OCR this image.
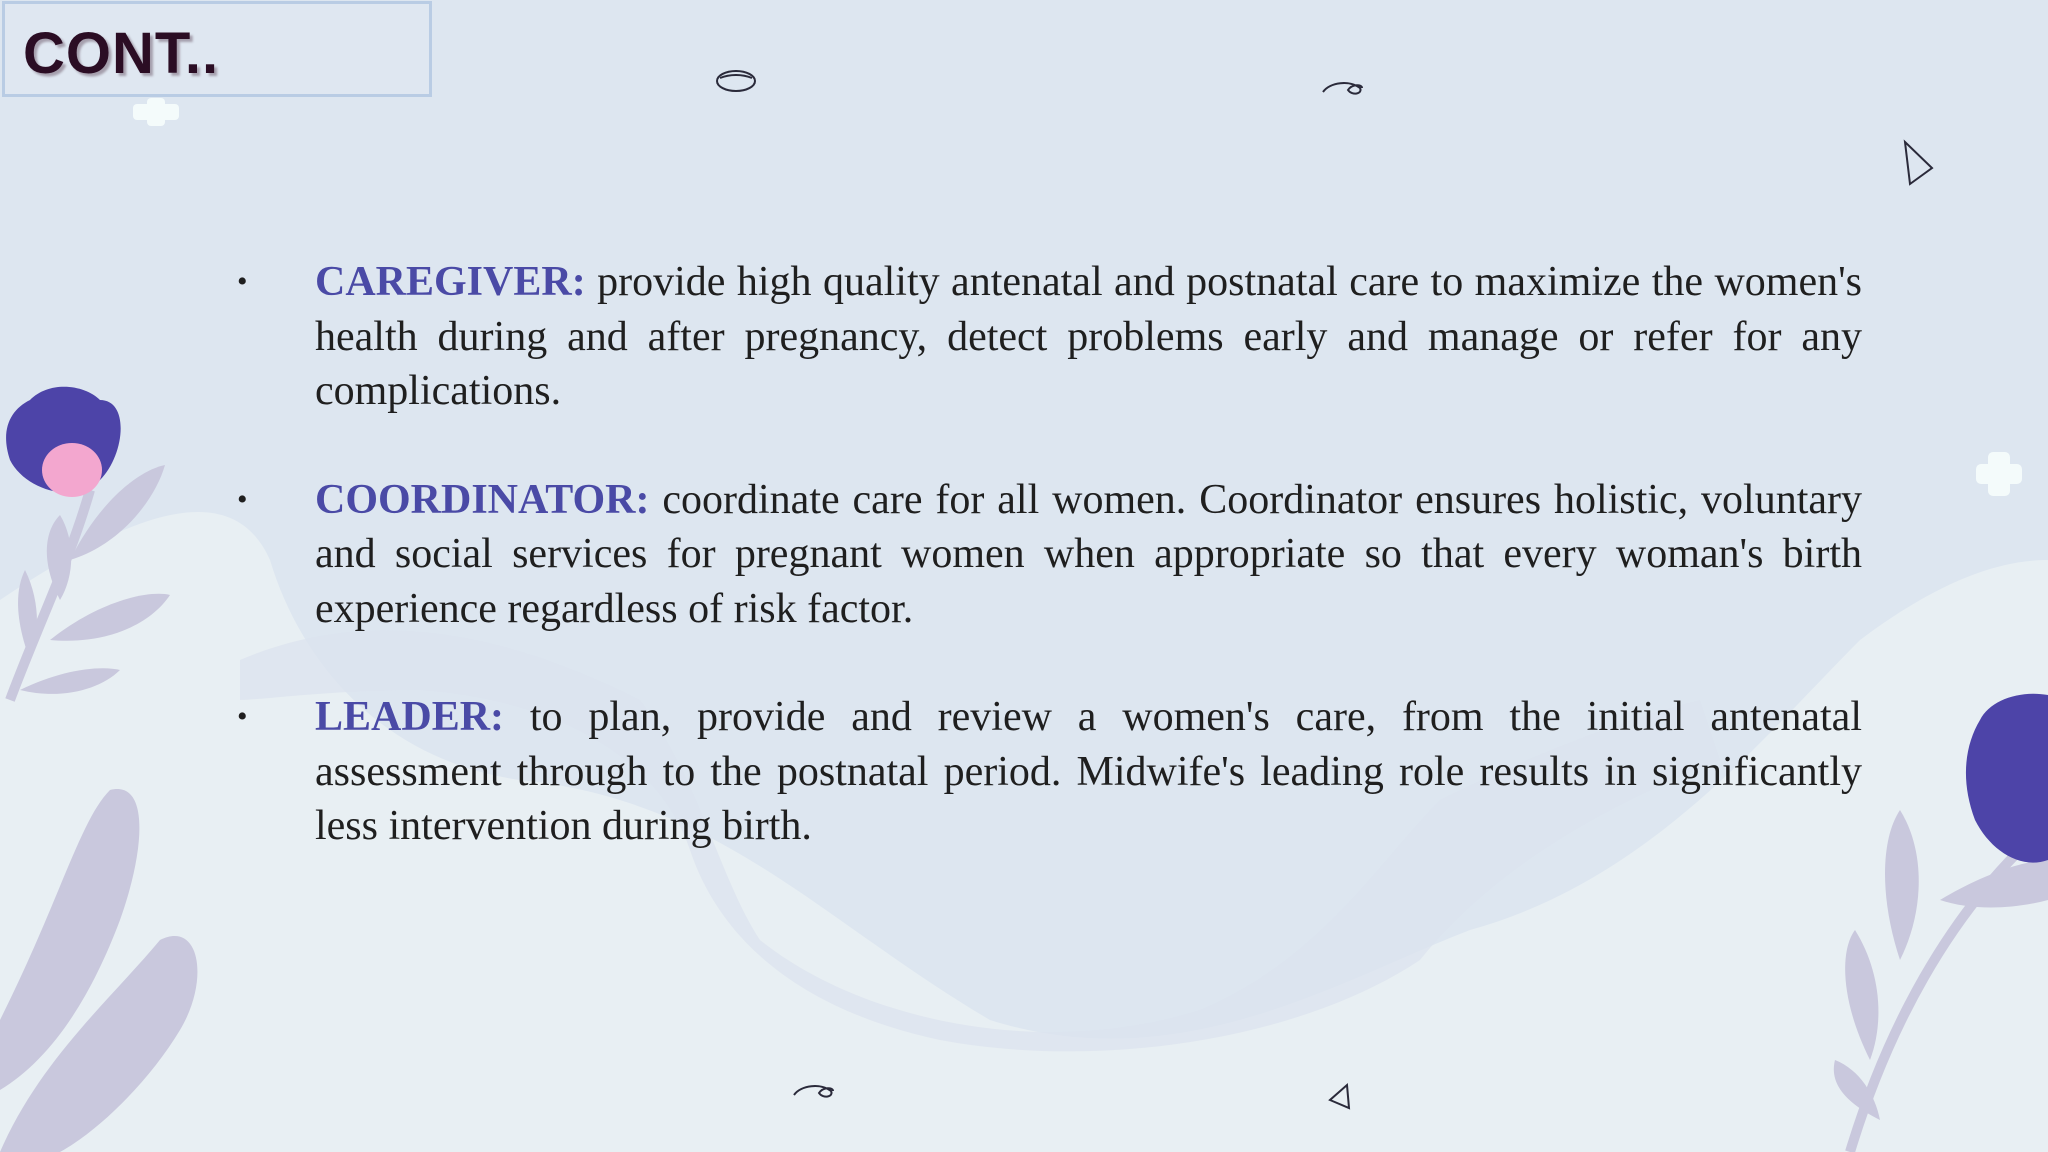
CONT..
• CAREGIVER: provide high quality antenatal and postnatal care to maximize the women's health during and after pregnancy, detect problems early and manage or refer for any complications.
• COORDINATOR: coordinate care for all women. Coordinator ensures holistic, voluntary and social services for pregnant women when appropriate so that every woman's birth experience regardless of risk factor.
• LEADER: to plan, provide and review a women's care, from the initial antenatal assessment through to the postnatal period. Midwife's leading role results in significantly less intervention during birth.
